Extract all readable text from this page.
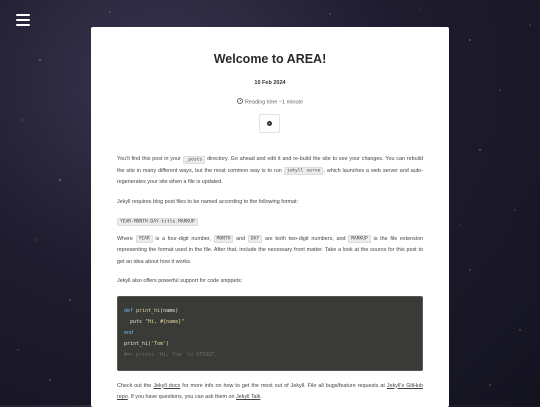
Welcome to AREA!
10 Feb 2024
Reading time ~1 minute

You’ll find this post in your _posts directory. Go ahead and edit it and re-build the site to see your changes. You can rebuild the site in many different ways, but the most common way is to run jekyll serve , which launches a web server and auto-regenerates your site when a file is updated.

Jekyll requires blog post files to be named according to the following format:

YEAR-MONTH-DAY-title.MARKUP

Where YEAR is a four-digit number, MONTH and DAY are both two-digit numbers, and MARKUP is the file extension representing the format used in the file. After that, include the necessary front matter. Take a look at the source for this post to get an idea about how it works.

Jekyll also offers powerful support for code snippets:

def print_hi(name)
puts "Hi, #{name}"
end
print_hi('Tom')
#=> prints 'Hi, Tom' to STDOUT.

Check out the Jekyll docs for more info on how to get the most out of Jekyll. File all bugs/feature requests at Jekyll’s GitHub repo. If you have questions, you can ask them on Jekyll Talk.
